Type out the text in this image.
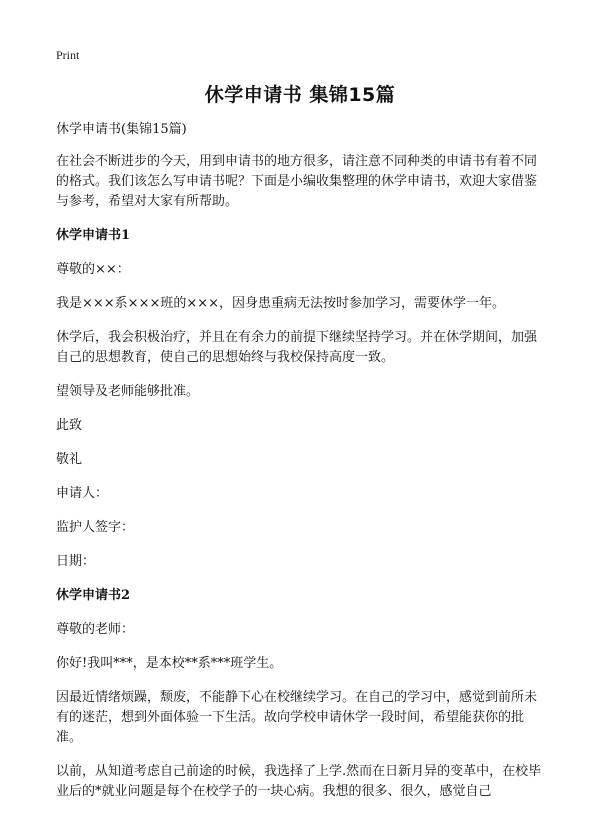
Print
休学申请书 集锦15篇

休学申请书(集锦15篇)

在社会不断进步的今天，用到申请书的地方很多，请注意不同种类的申请书有着不同的格式。我们该怎么写申请书呢？下面是小编收集整理的休学申请书，欢迎大家借鉴与参考，希望对大家有所帮助。

休学申请书1

尊敬的××：

我是×××系×××班的×××，因身患重病无法按时参加学习，需要休学一年。

休学后，我会积极治疗，并且在有余力的前提下继续坚持学习。并在休学期间，加强自己的思想教育，使自己的思想始终与我校保持高度一致。

望领导及老师能够批准。

此致

敬礼

申请人：

监护人签字：

日期：

休学申请书2

尊敬的老师：

你好!我叫***，是本校**系***班学生。

因最近情绪烦躁，颓废，不能静下心在校继续学习。在自己的学习中，感觉到前所未有的迷茫，想到外面体验一下生活。故向学校申请休学一段时间，希望能获你的批准。

以前，从知道考虑自己前途的时候，我选择了上学.然而在日新月异的变革中，在校毕业后的*就业问题是每个在校学子的一块心病。我想的很多、很久，感觉自己
